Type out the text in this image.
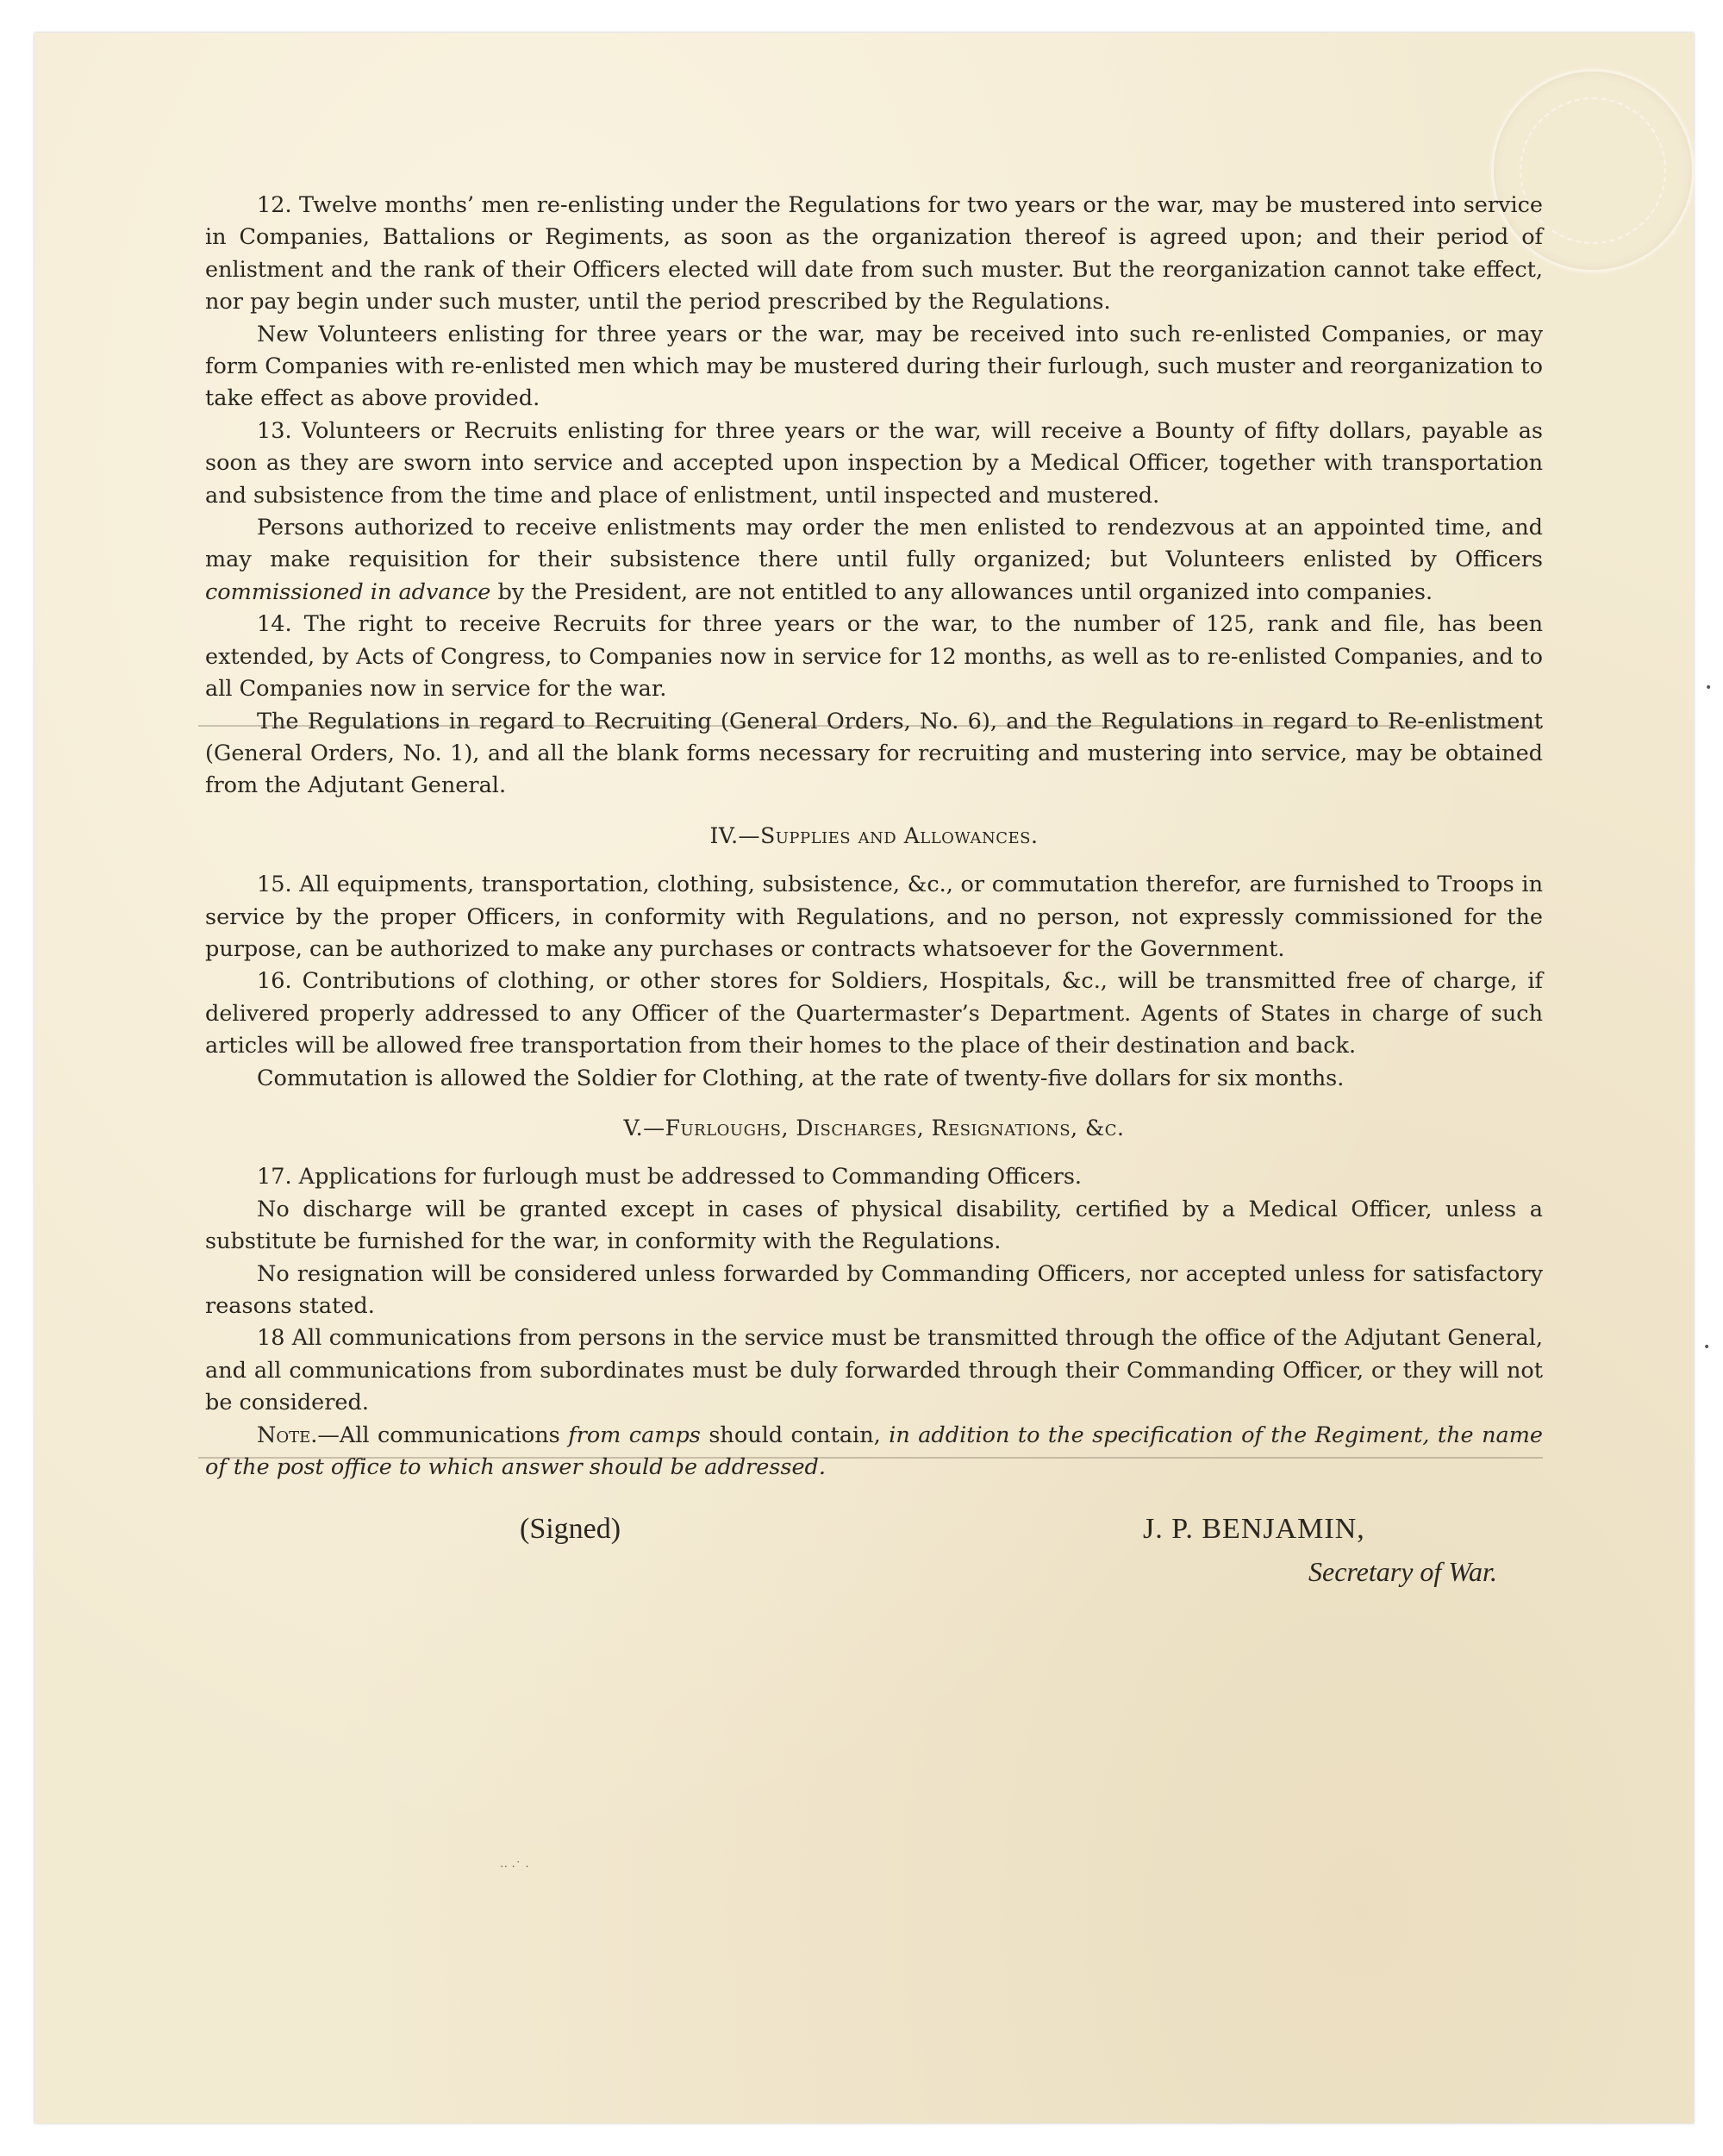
12. Twelve months’ men re-enlisting under the Regulations for two years or the war, may be mustered into service in Companies, Battalions or Regiments, as soon as the organization thereof is agreed upon; and their period of enlistment and the rank of their Officers elected will date from such muster. But the reorganization cannot take effect, nor pay begin under such muster, until the period prescribed by the Regulations.

New Volunteers enlisting for three years or the war, may be received into such re-enlisted Companies, or may form Companies with re-enlisted men which may be mustered during their furlough, such muster and reorganization to take effect as above provided.

13. Volunteers or Recruits enlisting for three years or the war, will receive a Bounty of fifty dollars, payable as soon as they are sworn into service and accepted upon inspection by a Medical Officer, together with transportation and subsistence from the time and place of enlistment, until inspected and mustered.

Persons authorized to receive enlistments may order the men enlisted to rendezvous at an appointed time, and may make requisition for their subsistence there until fully organized; but Volunteers enlisted by Officers commissioned in advance by the President, are not entitled to any allowances until organized into companies.

14. The right to receive Recruits for three years or the war, to the number of 125, rank and file, has been extended, by Acts of Congress, to Companies now in service for 12 months, as well as to re-enlisted Companies, and to all Companies now in service for the war.

The Regulations in regard to Recruiting (General Orders, No. 6), and the Regulations in regard to Re-enlistment (General Orders, No. 1), and all the blank forms necessary for recruiting and mustering into service, may be obtained from the Adjutant General.

IV.—Supplies and Allowances.

15. All equipments, transportation, clothing, subsistence, &c., or commutation therefor, are furnished to Troops in service by the proper Officers, in conformity with Regulations, and no person, not expressly commissioned for the purpose, can be authorized to make any purchases or contracts whatsoever for the Government.

16. Contributions of clothing, or other stores for Soldiers, Hospitals, &c., will be transmitted free of charge, if delivered properly addressed to any Officer of the Quartermaster’s Department. Agents of States in charge of such articles will be allowed free transportation from their homes to the place of their destination and back.

Commutation is allowed the Soldier for Clothing, at the rate of twenty-five dollars for six months.

V.—Furloughs, Discharges, Resignations, &c.

17. Applications for furlough must be addressed to Commanding Officers.

No discharge will be granted except in cases of physical disability, certified by a Medical Officer, unless a substitute be furnished for the war, in conformity with the Regulations.

No resignation will be considered unless forwarded by Commanding Officers, nor accepted unless for satisfactory reasons stated.

18 All communications from persons in the service must be transmitted through the office of the Adjutant General, and all communications from subordinates must be duly forwarded through their Commanding Officer, or they will not be considered.

Note.—All communications from camps should contain, in addition to the specification of the Regiment, the name of the post office to which answer should be addressed.

(Signed)	J. P. BENJAMIN,
Secretary of War.
·· ·˙ ·
•
•
